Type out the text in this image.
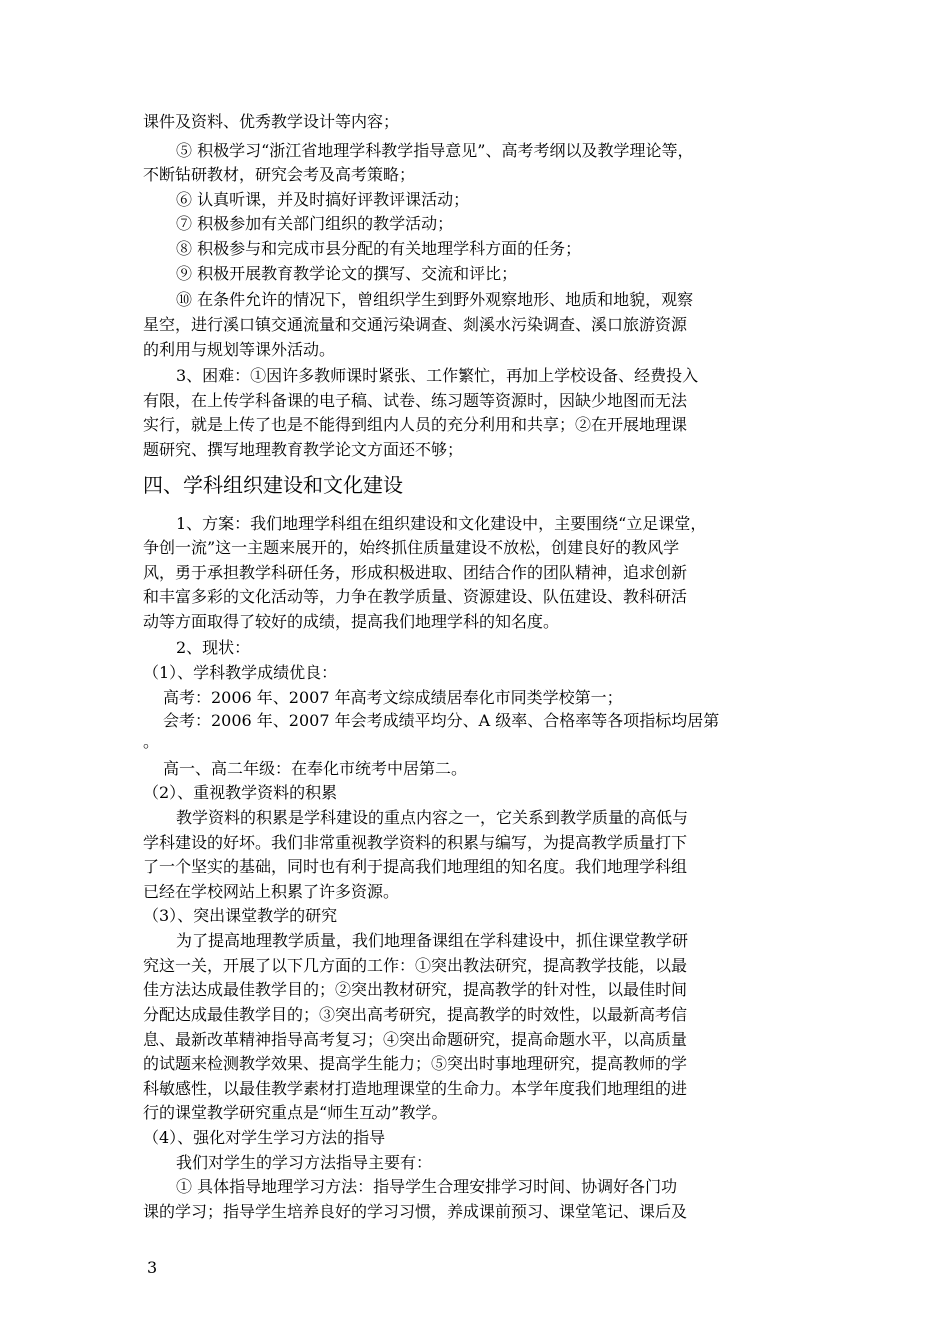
课件及资料、优秀教学设计等内容；
⑤ 积极学习“浙江省地理学科教学指导意见”、高考考纲以及教学理论等，
不断钻研教材，研究会考及高考策略；
⑥ 认真听课，并及时搞好评教评课活动；
⑦ 积极参加有关部门组织的教学活动；
⑧ 积极参与和完成市县分配的有关地理学科方面的任务；
⑨ 积极开展教育教学论文的撰写、交流和评比；
⑩ 在条件允许的情况下，曾组织学生到野外观察地形、地质和地貌，观察
星空，进行溪口镇交通流量和交通污染调查、剡溪水污染调查、溪口旅游资源
的利用与规划等课外活动。
3、困难：①因许多教师课时紧张、工作繁忙，再加上学校设备、经费投入
有限，在上传学科备课的电子稿、试卷、练习题等资源时，因缺少地图而无法
实行，就是上传了也是不能得到组内人员的充分利用和共享；②在开展地理课
题研究、撰写地理教育教学论文方面还不够；
四、学科组织建设和文化建设
1、方案：我们地理学科组在组织建设和文化建设中，主要围绕“立足课堂，
争创一流”这一主题来展开的，始终抓住质量建设不放松，创建良好的教风学
风，勇于承担教学科研任务，形成积极进取、团结合作的团队精神，追求创新
和丰富多彩的文化活动等，力争在教学质量、资源建设、队伍建设、教科研活
动等方面取得了较好的成绩，提高我们地理学科的知名度。
2、现状：
（1）、学科教学成绩优良：
高考：2006 年、2007 年高考文综成绩居奉化市同类学校第一；
会考：2006 年、2007 年会考成绩平均分、A 级率、合格率等各项指标均居第
。
高一、高二年级：在奉化市统考中居第二。
（2）、重视教学资料的积累
教学资料的积累是学科建设的重点内容之一，它关系到教学质量的高低与
学科建设的好坏。我们非常重视教学资料的积累与编写，为提高教学质量打下
了一个坚实的基础，同时也有利于提高我们地理组的知名度。我们地理学科组
已经在学校网站上积累了许多资源。
（3）、突出课堂教学的研究
为了提高地理教学质量，我们地理备课组在学科建设中，抓住课堂教学研
究这一关，开展了以下几方面的工作：①突出教法研究，提高教学技能，以最
佳方法达成最佳教学目的；②突出教材研究，提高教学的针对性，以最佳时间
分配达成最佳教学目的；③突出高考研究，提高教学的时效性，以最新高考信
息、最新改革精神指导高考复习；④突出命题研究，提高命题水平，以高质量
的试题来检测教学效果、提高学生能力；⑤突出时事地理研究，提高教师的学
科敏感性，以最佳教学素材打造地理课堂的生命力。本学年度我们地理组的进
行的课堂教学研究重点是“师生互动”教学。
（4）、强化对学生学习方法的指导
我们对学生的学习方法指导主要有：
① 具体指导地理学习方法：指导学生合理安排学习时间、协调好各门功
课的学习；指导学生培养良好的学习习惯，养成课前预习、课堂笔记、课后及
3
